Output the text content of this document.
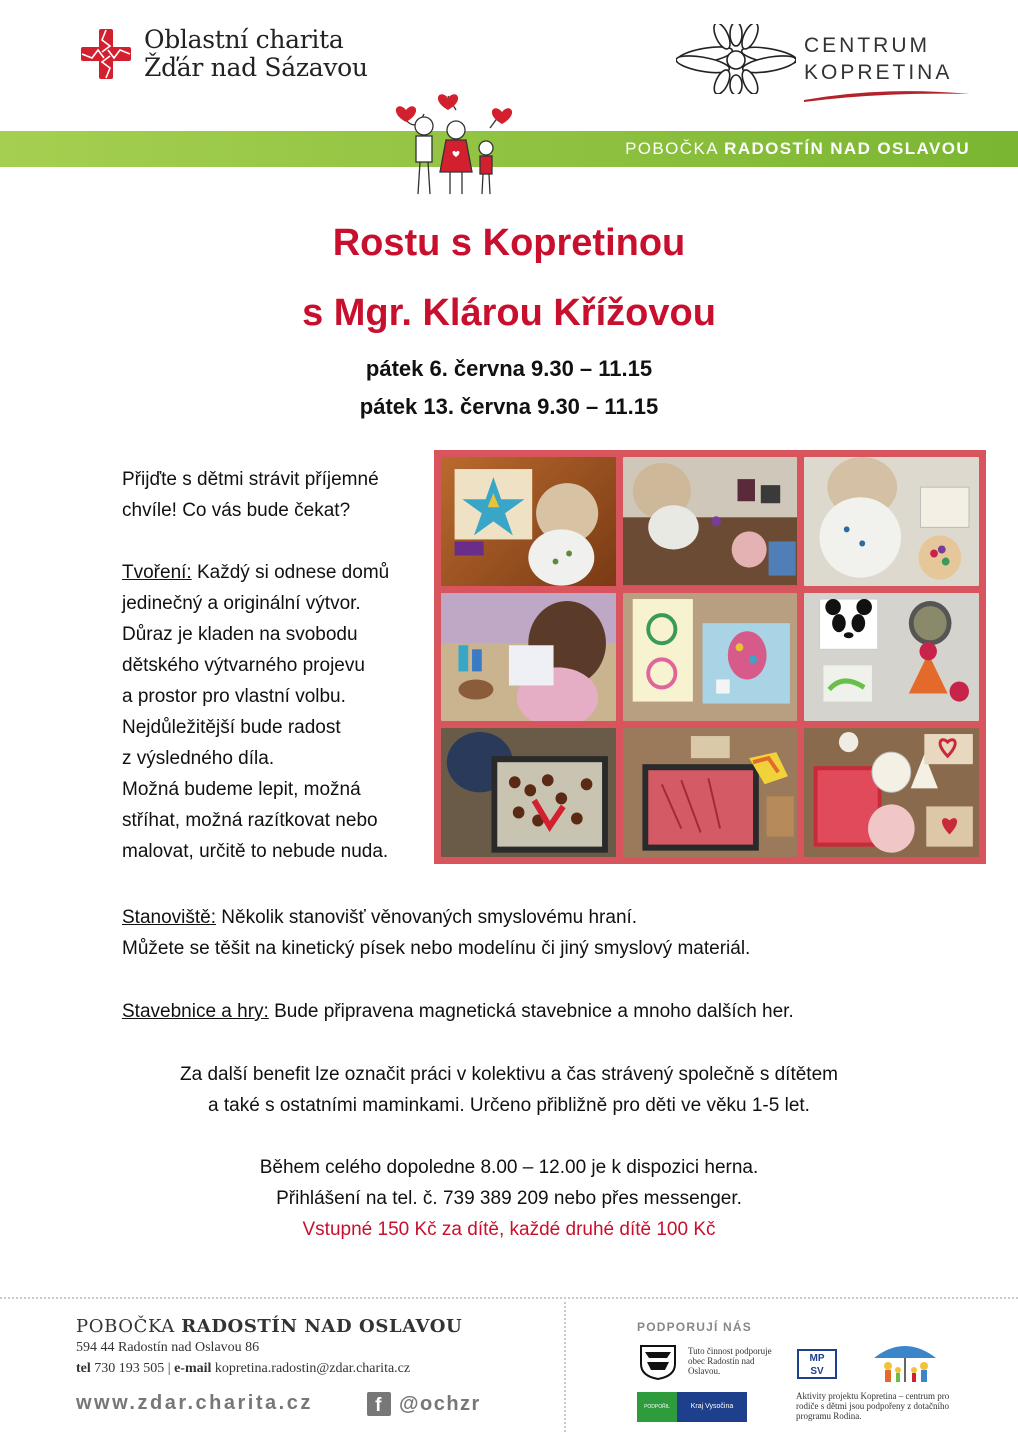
Oblastní charita
Žďár nad Sázavou
CENTRUM
KOPRETINA
POBOČKA RADOSTÍN NAD OSLAVOU
Rostu s Kopretinou
s Mgr. Klárou Křížovou
pátek 6. června 9.30 – 11.15
pátek 13. června 9.30 – 11.15
Přijďte s dětmi strávit příjemné
chvíle! Co vás bude čekat?
Tvoření: Každý si odnese domů
jedinečný a originální výtvor.
Důraz je kladen na svobodu
dětského výtvarného projevu
a prostor pro vlastní volbu.
Nejdůležitější bude radost
z výsledného díla.
Možná budeme lepit, možná
stříhat, možná razítkovat nebo
malovat, určitě to nebude nuda.
Stanoviště: Několik stanovišť věnovaných smyslovému hraní.
Můžete se těšit na kinetický písek nebo modelínu či jiný smyslový materiál.
Stavebnice a hry: Bude připravena magnetická stavebnice a mnoho dalších her.
Za další benefit lze označit práci v kolektivu a čas strávený společně s dítětem
a také s ostatními maminkami. Určeno přibližně pro děti ve věku 1-5 let.
Během celého dopoledne 8.00 – 12.00 je k dispozici herna.
Přihlášení na tel. č. 739 389 209 nebo přes messenger.
Vstupné 150 Kč za dítě, každé druhé dítě 100 Kč
POBOČKA RADOSTÍN NAD OSLAVOU
594 44 Radostín nad Oslavou 86
tel 730 193 505 | e-mail kopretina.radostin@zdar.charita.cz
www.zdar.charita.cz	f @ochzr
PODPORUJÍ NÁS
Tuto činnost podporuje obec Radostín nad Oslavou.
PODPOŘIL	Kraj Vysočina
MP
SV
Aktivity projektu Kopretina – centrum pro rodiče s dětmi jsou podpořeny z dotačního programu Rodina.
